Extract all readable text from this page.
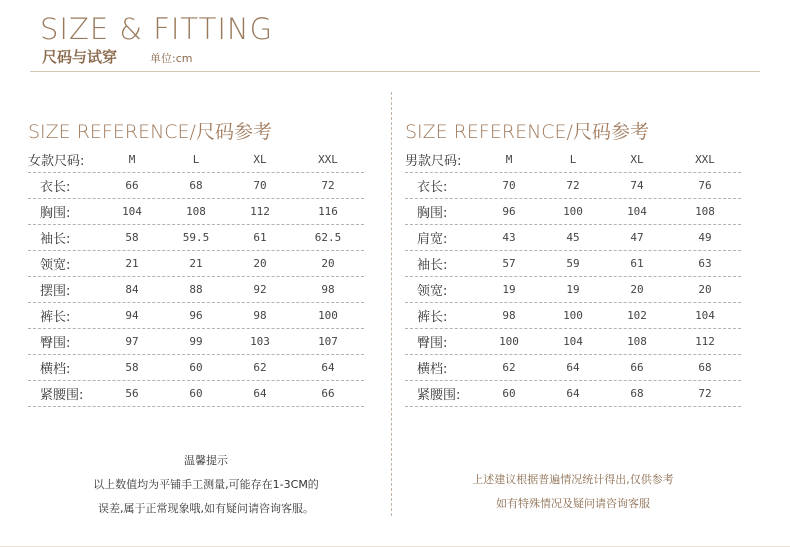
SIZE & FITTING
尺码与试穿	单位:cm
SIZE REFERENCE/尺码参考
女款尺码:	M	L	XL	XXL
衣长:	66	68	70	72
胸围:	104	108	112	116
袖长:	58	59.5	61	62.5
领宽:	21	21	20	20
摆围:	84	88	92	98
裤长:	94	96	98	100
臀围:	97	99	103	107
横档:	58	60	62	64
紧腰围:	56	60	64	66
温馨提示
以上数值均为平铺手工测量,可能存在1-3CM的
误差,属于正常现象哦,如有疑问请咨询客服。
SIZE REFERENCE/尺码参考
男款尺码:	M	L	XL	XXL
衣长:	70	72	74	76
胸围:	96	100	104	108
肩宽:	43	45	47	49
袖长:	57	59	61	63
领宽:	19	19	20	20
裤长:	98	100	102	104
臀围:	100	104	108	112
横档:	62	64	66	68
紧腰围:	60	64	68	72
上述建议根据普遍情况统计得出,仅供参考
如有特殊情况及疑问请咨询客服
